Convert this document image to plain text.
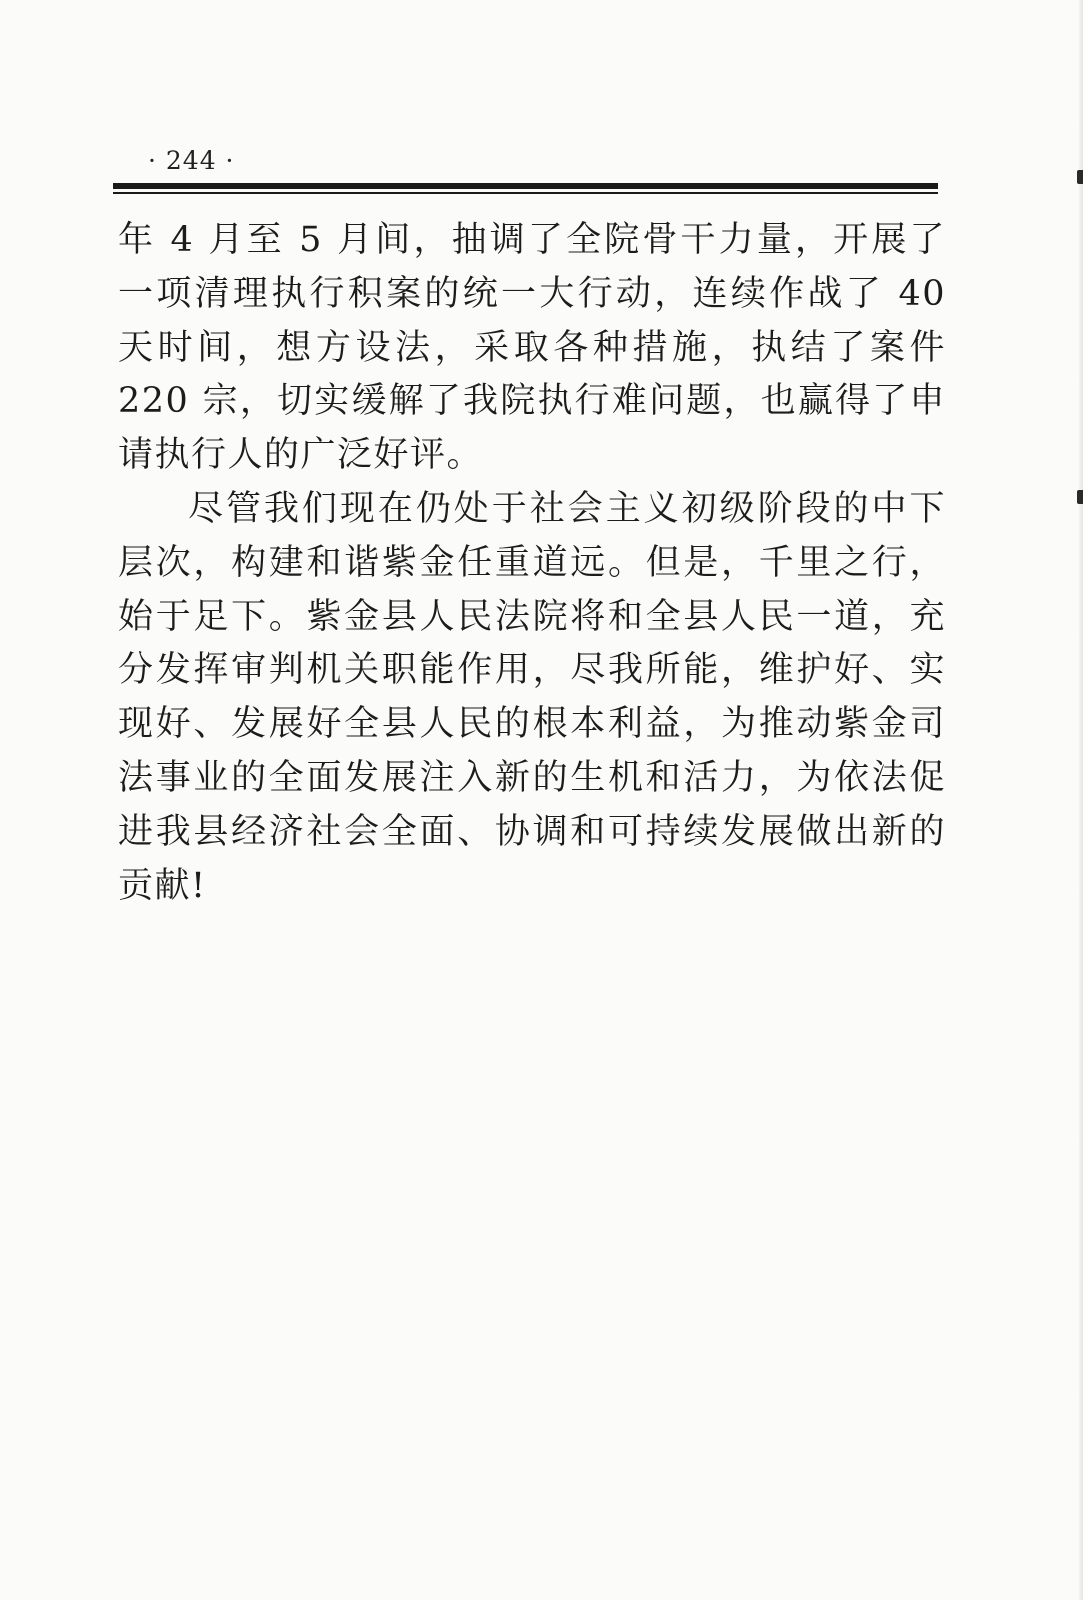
· 244 ·

年 4 月至 5 月间，抽调了全院骨干力量，开展了一项清理执行积案的统一大行动，连续作战了 40 天时间，想方设法，采取各种措施，执结了案件 220 宗，切实缓解了我院执行难问题，也赢得了申请执行人的广泛好评。

尽管我们现在仍处于社会主义初级阶段的中下层次，构建和谐紫金任重道远。但是，千里之行，始于足下。紫金县人民法院将和全县人民一道，充分发挥审判机关职能作用，尽我所能，维护好、实现好、发展好全县人民的根本利益，为推动紫金司法事业的全面发展注入新的生机和活力，为依法促进我县经济社会全面、协调和可持续发展做出新的贡献!
